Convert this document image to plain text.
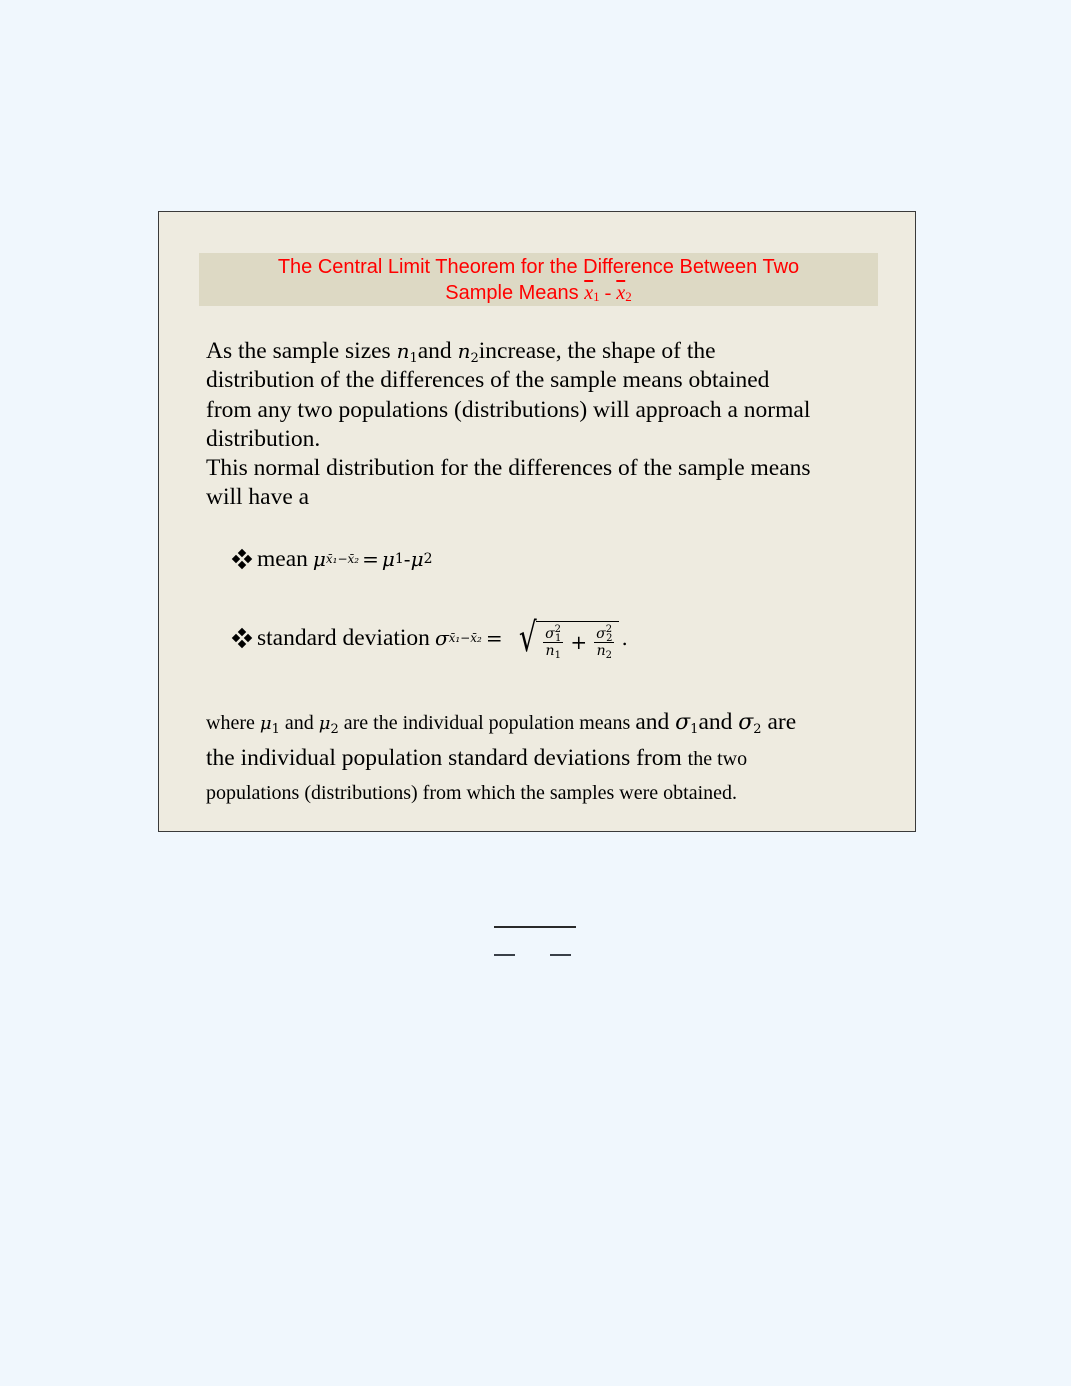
The Central Limit Theorem for the Difference Between Two
Sample Means $\overline{x}_1 - \overline{x}_2$

As the sample sizes $n_1and$ $n_2increase$, the shape of the
distribution of the differences of the sample means obtained
from any two populations (distributions) will approach a normal
distribution.

This normal distribution for the differences of the sample means
will have a

mean μ x̄₁−x̄₂ = μ 1 - μ 2
standard deviation σ x̄₁−x̄₂ = √ $\frac{\sigma^2_1}{n_1} + \frac{\sigma^2_2}{n_2}$ .

where $\mu_1$ and $\mu_2$ are the individual population means and $\sigma_1and$ $\sigma_2$ are

the individual population standard deviations from the two

populations (distributions) from which the samples were obtained.
